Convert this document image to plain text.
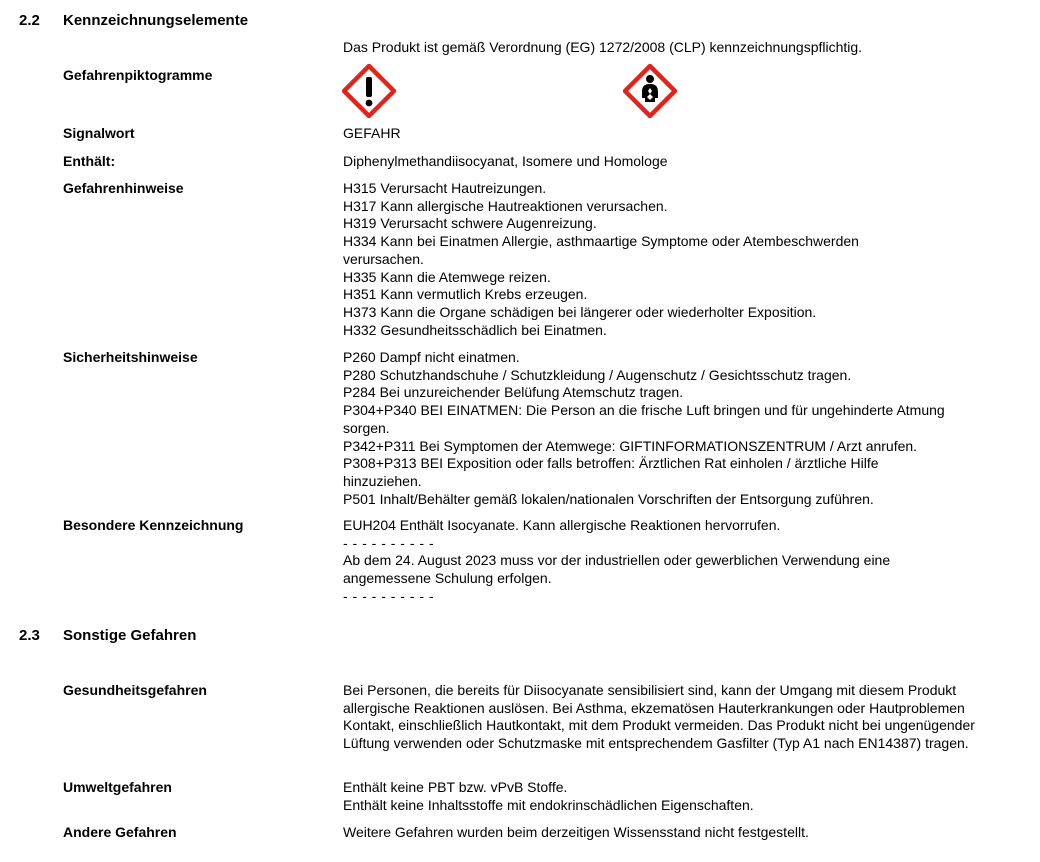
2.2 Kennzeichnungselemente
Das Produkt ist gemäß Verordnung (EG) 1272/2008 (CLP) kennzeichnungspflichtig.
Gefahrenpiktogramme
Signalwort	GEFAHR
Enthält:	Diphenylmethandiisocyanat, Isomere und Homologe
Gefahrenhinweise	H315 Verursacht Hautreizungen.
H317 Kann allergische Hautreaktionen verursachen.
H319 Verursacht schwere Augenreizung.
H334 Kann bei Einatmen Allergie, asthmaartige Symptome oder Atembeschwerden verursachen.
H335 Kann die Atemwege reizen.
H351 Kann vermutlich Krebs erzeugen.
H373 Kann die Organe schädigen bei längerer oder wiederholter Exposition.
H332 Gesundheitsschädlich bei Einatmen.
Sicherheitshinweise	P260 Dampf nicht einatmen.
P280 Schutzhandschuhe / Schutzkleidung / Augenschutz / Gesichtsschutz tragen.
P284 Bei unzureichender Belüfung Atemschutz tragen.
P304+P340 BEI EINATMEN: Die Person an die frische Luft bringen und für ungehinderte Atmung sorgen.
P342+P311 Bei Symptomen der Atemwege: GIFTINFORMATIONSZENTRUM / Arzt anrufen.
P308+P313 BEI Exposition oder falls betroffen: Ärztlichen Rat einholen / ärztliche Hilfe hinzuziehen.
P501 Inhalt/Behälter gemäß lokalen/nationalen Vorschriften der Entsorgung zuführen.
Besondere Kennzeichnung	EUH204 Enthält Isocyanate. Kann allergische Reaktionen hervorrufen.
- - - - - - - - - -
Ab dem 24. August 2023 muss vor der industriellen oder gewerblichen Verwendung eine angemessene Schulung erfolgen.
- - - - - - - - - -
2.3 Sonstige Gefahren
Gesundheitsgefahren	Bei Personen, die bereits für Diisocyanate sensibilisiert sind, kann der Umgang mit diesem Produkt allergische Reaktionen auslösen. Bei Asthma, ekzematösen Hauterkrankungen oder Hautproblemen Kontakt, einschließlich Hautkontakt, mit dem Produkt vermeiden. Das Produkt nicht bei ungenügender Lüftung verwenden oder Schutzmaske mit entsprechendem Gasfilter (Typ A1 nach EN14387) tragen.
Umweltgefahren	Enthält keine PBT bzw. vPvB Stoffe.
Enthält keine Inhaltsstoffe mit endokrinschädlichen Eigenschaften.
Andere Gefahren	Weitere Gefahren wurden beim derzeitigen Wissensstand nicht festgestellt.
